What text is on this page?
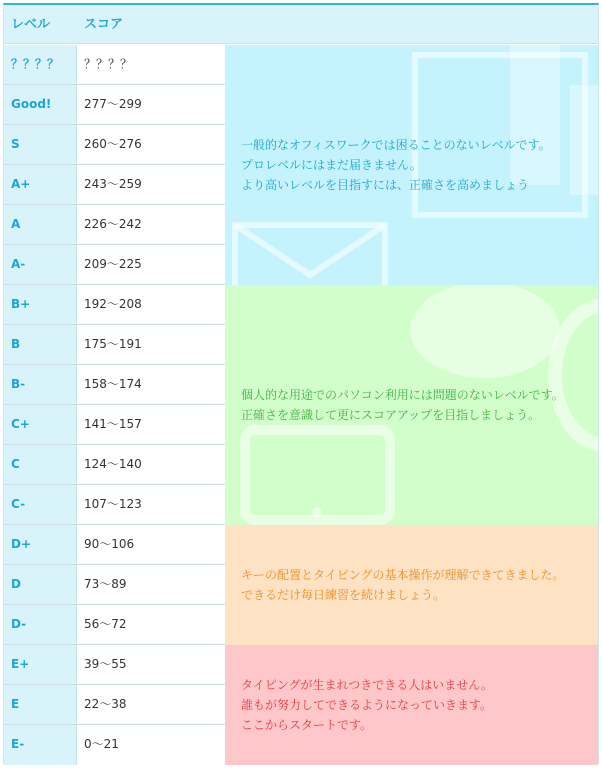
レベル	スコア
？？？？ ？？？？
Good!	277～299
S	260～276
A+	243～259
A	226～242
A-	209～225
B+	192～208
B	175～191
B-	158～174
C+	141～157
C	124～140
C-	107～123
D+	90～106
D	73～89
D-	56～72
E+	39～55
E	22～38
E-	0～21
一般的なオフィスワークでは困ることのないレベルです。
プロレベルにはまだ届きません。
より高いレベルを目指すには、正確さを高めましょう
個人的な用途でのパソコン利用には問題のないレベルです。
正確さを意識して更にスコアアップを目指しましょう。
キーの配置とタイピングの基本操作が理解できてきました。
できるだけ毎日練習を続けましょう。
タイピングが生まれつきできる人はいません。
誰もが努力してできるようになっていきます。
ここからスタートです。
